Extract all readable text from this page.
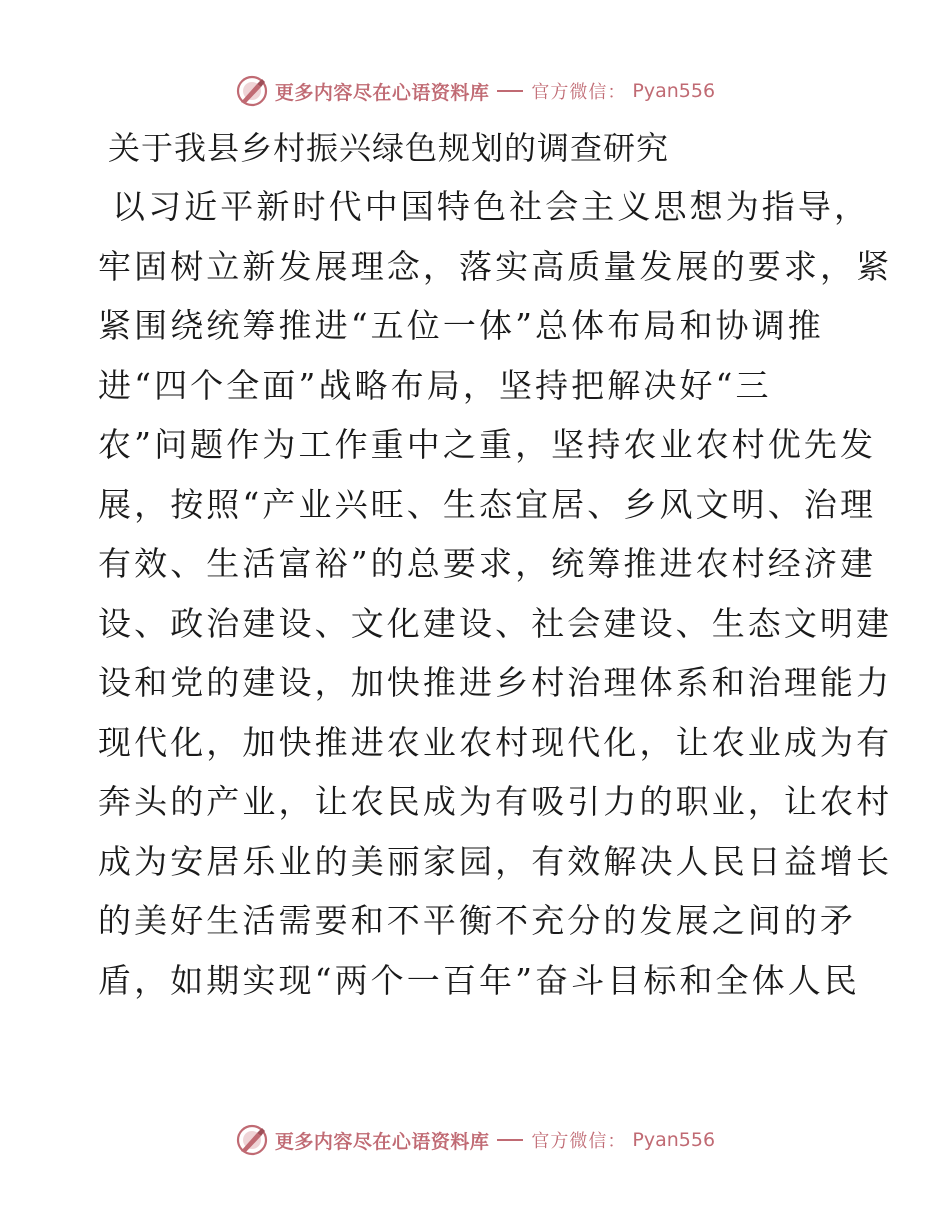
更多内容尽在心语资料库 官方微信： Pyan556
关于我县乡村振兴绿色规划的调查研究
以习近平新时代中国特色社会主义思想为指导，
牢固树立新发展理念，落实高质量发展的要求，紧
紧围绕统筹推进“五位一体”总体布局和协调推
进“四个全面”战略布局，坚持把解决好“三
农”问题作为工作重中之重，坚持农业农村优先发
展，按照“产业兴旺、生态宜居、乡风文明、治理
有效、生活富裕”的总要求，统筹推进农村经济建
设、政治建设、文化建设、社会建设、生态文明建
设和党的建设，加快推进乡村治理体系和治理能力
现代化，加快推进农业农村现代化，让农业成为有
奔头的产业，让农民成为有吸引力的职业，让农村
成为安居乐业的美丽家园，有效解决人民日益增长
的美好生活需要和不平衡不充分的发展之间的矛
盾，如期实现“两个一百年”奋斗目标和全体人民
更多内容尽在心语资料库 官方微信： Pyan556
